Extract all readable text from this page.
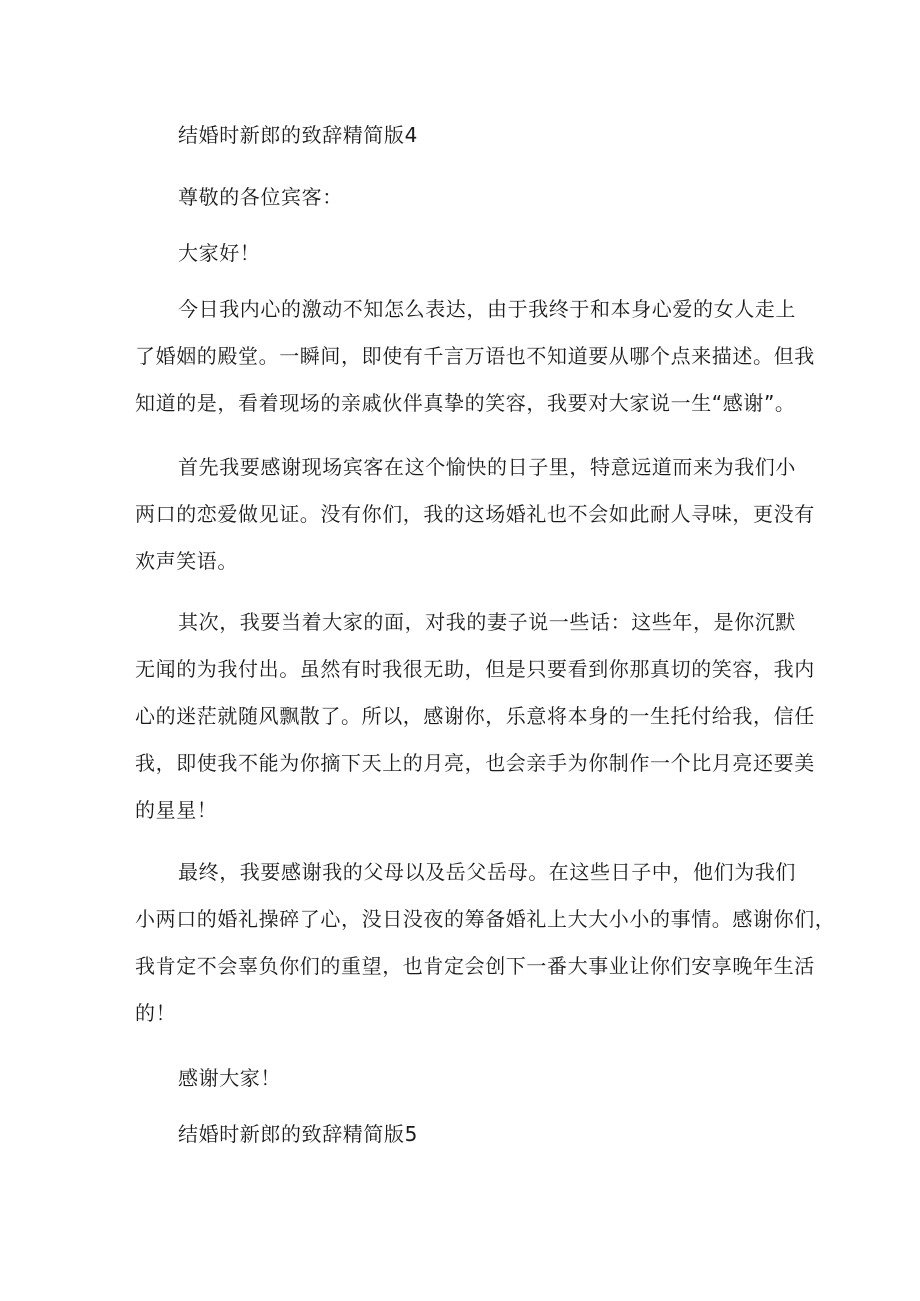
结婚时新郎的致辞精简版4

尊敬的各位宾客：

大家好！

今日我内心的激动不知怎么表达，由于我终于和本身心爱的女人走上
了婚姻的殿堂。一瞬间，即使有千言万语也不知道要从哪个点来描述。但我
知道的是，看着现场的亲戚伙伴真挚的笑容，我要对大家说一生“感谢”。
首先我要感谢现场宾客在这个愉快的日子里，特意远道而来为我们小
两口的恋爱做见证。没有你们，我的这场婚礼也不会如此耐人寻味，更没有
欢声笑语。
其次，我要当着大家的面，对我的妻子说一些话：这些年，是你沉默
无闻的为我付出。虽然有时我很无助，但是只要看到你那真切的笑容，我内
心的迷茫就随风飘散了。所以，感谢你，乐意将本身的一生托付给我，信任
我，即使我不能为你摘下天上的月亮，也会亲手为你制作一个比月亮还要美
的星星！
最终，我要感谢我的父母以及岳父岳母。在这些日子中，他们为我们
小两口的婚礼操碎了心，没日没夜的筹备婚礼上大大小小的事情。感谢你们，
我肯定不会辜负你们的重望，也肯定会创下一番大事业让你们安享晚年生活
的！

感谢大家！

结婚时新郎的致辞精简版5
